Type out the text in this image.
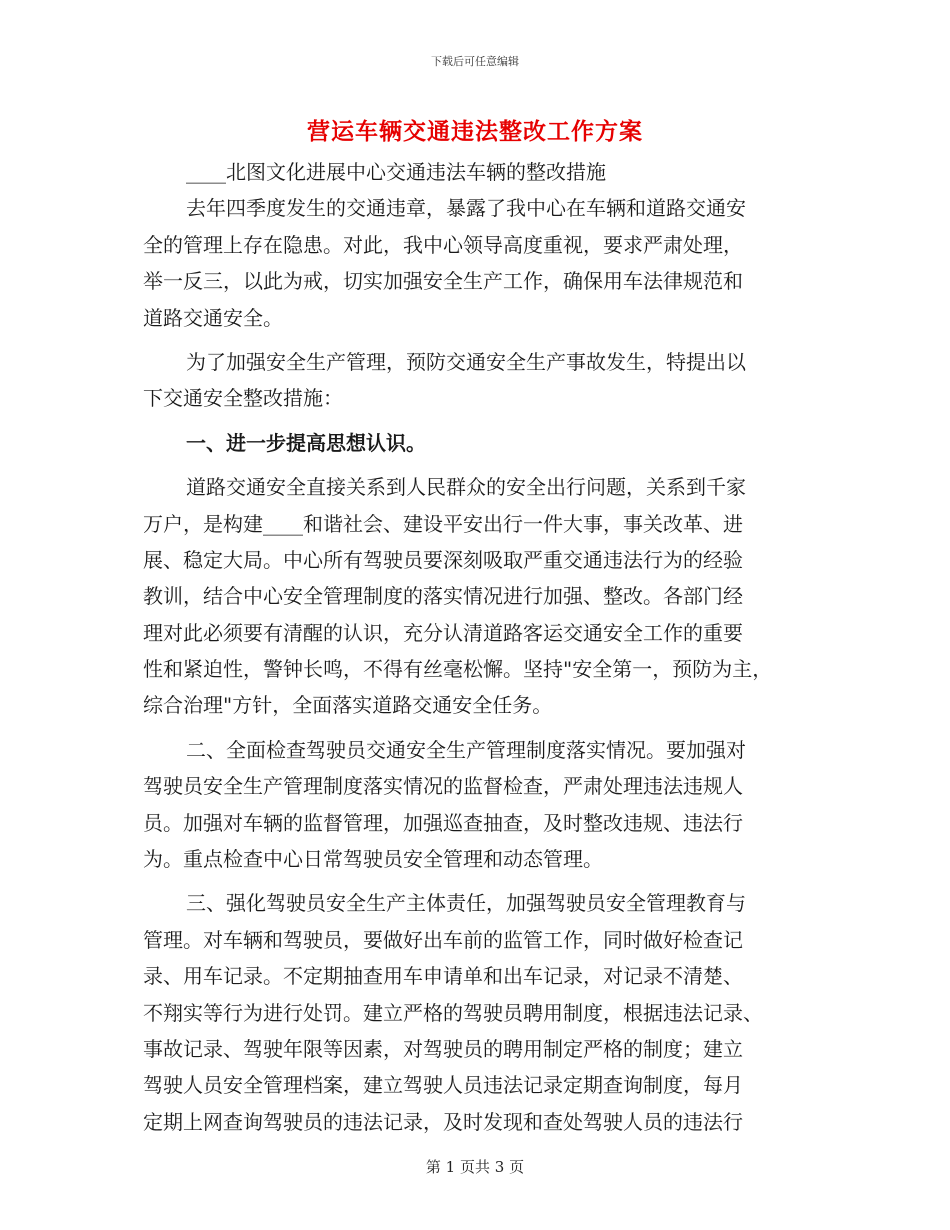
下载后可任意编辑
营运车辆交通违法整改工作方案
____北图文化进展中心交通违法车辆的整改措施
去年四季度发生的交通违章，暴露了我中心在车辆和道路交通安
全的管理上存在隐患。对此，我中心领导高度重视，要求严肃处理，
举一反三，以此为戒，切实加强安全生产工作，确保用车法律规范和
道路交通安全。
为了加强安全生产管理，预防交通安全生产事故发生，特提出以
下交通安全整改措施：
一、进一步提高思想认识。
道路交通安全直接关系到人民群众的安全出行问题，关系到千家
万户，是构建____和谐社会、建设平安出行一件大事，事关改革、进
展、稳定大局。中心所有驾驶员要深刻吸取严重交通违法行为的经验
教训，结合中心安全管理制度的落实情况进行加强、整改。各部门经
理对此必须要有清醒的认识，充分认清道路客运交通安全工作的重要
性和紧迫性，警钟长鸣，不得有丝毫松懈。坚持"安全第一，预防为主，
综合治理"方针，全面落实道路交通安全任务。
二、全面检查驾驶员交通安全生产管理制度落实情况。要加强对
驾驶员安全生产管理制度落实情况的监督检查，严肃处理违法违规人
员。加强对车辆的监督管理，加强巡查抽查，及时整改违规、违法行
为。重点检查中心日常驾驶员安全管理和动态管理。
三、强化驾驶员安全生产主体责任，加强驾驶员安全管理教育与
管理。对车辆和驾驶员，要做好出车前的监管工作，同时做好检查记
录、用车记录。不定期抽查用车申请单和出车记录，对记录不清楚、
不翔实等行为进行处罚。建立严格的驾驶员聘用制度，根据违法记录、
事故记录、驾驶年限等因素，对驾驶员的聘用制定严格的制度；建立
驾驶人员安全管理档案，建立驾驶人员违法记录定期查询制度，每月
定期上网查询驾驶员的违法记录，及时发现和查处驾驶人员的违法行
第 1 页共 3 页
